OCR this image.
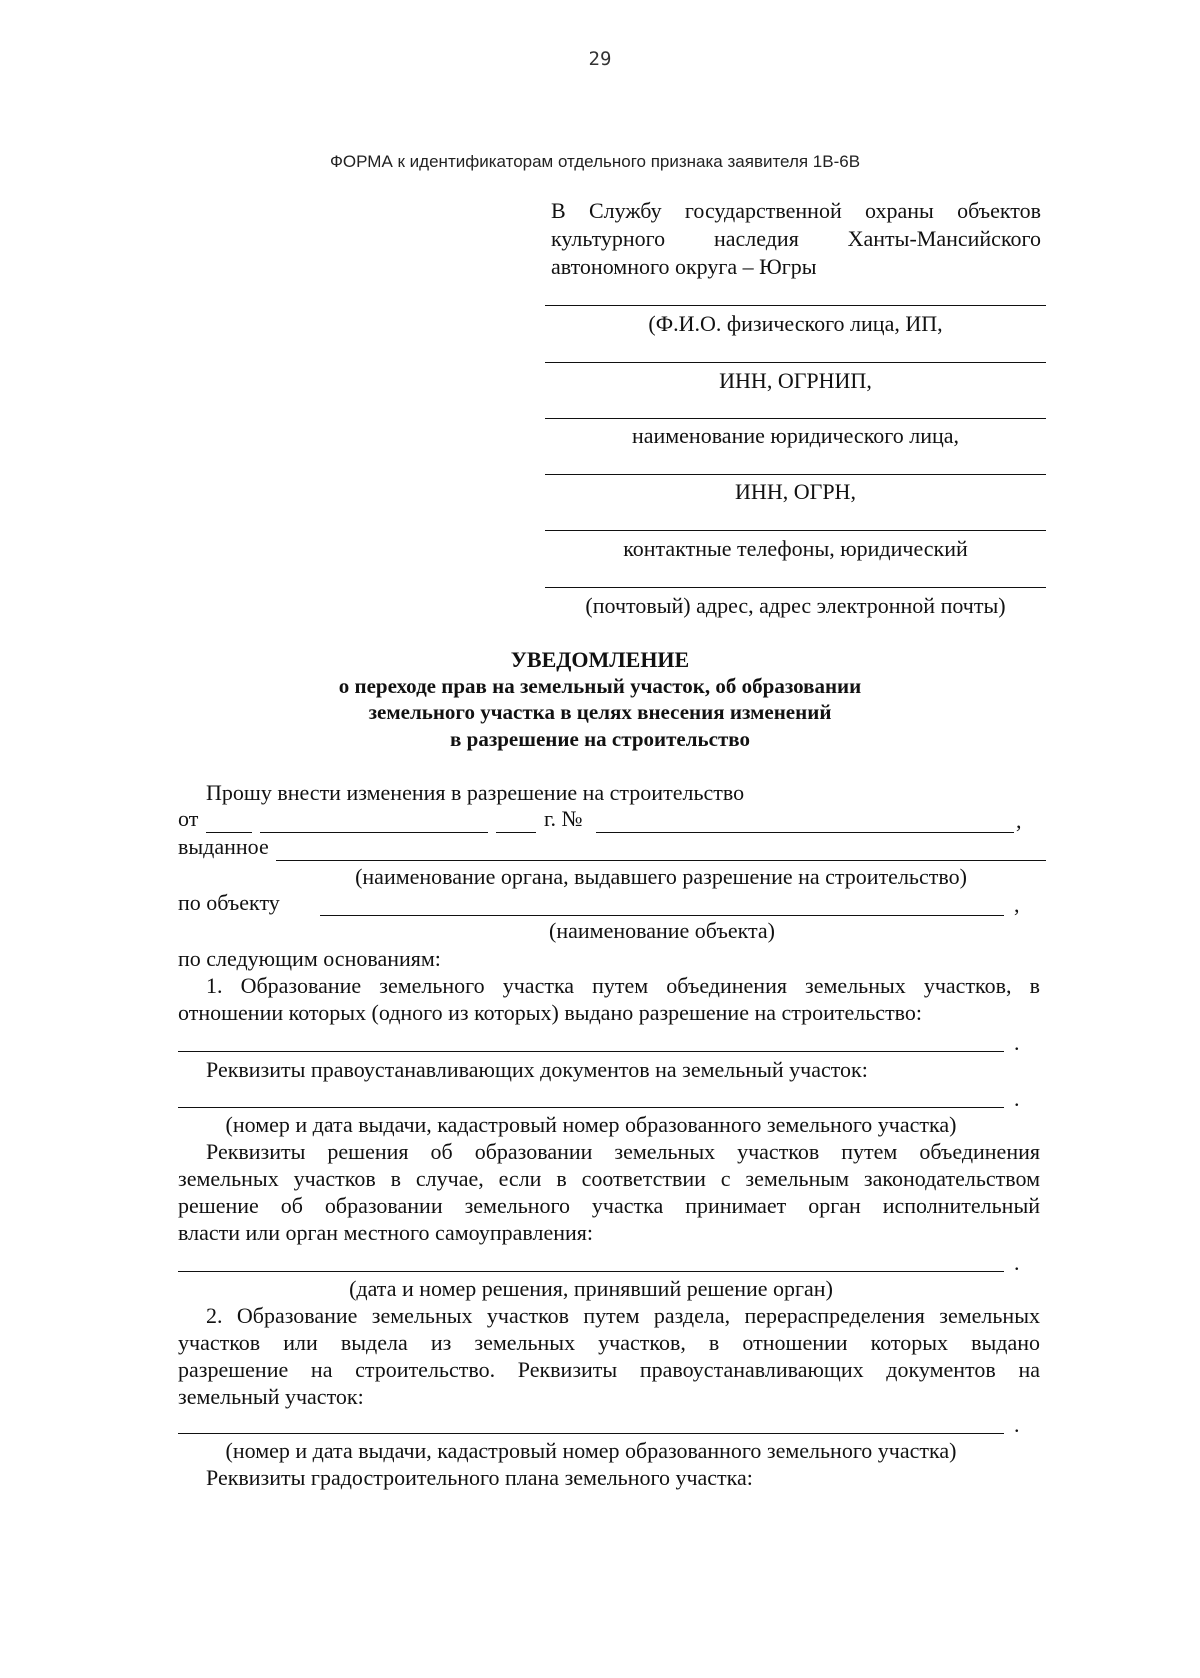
29
ФОРМА к идентификаторам отдельного признака заявителя 1В-6В
В Службу государственной охраны объектов
культурного наследия Ханты-Мансийского
автономного округа – Югры
(Ф.И.О. физического лица, ИП,
ИНН, ОГРНИП,
наименование юридического лица,
ИНН, ОГРН,
контактные телефоны, юридический
(почтовый) адрес, адрес электронной почты)
УВЕДОМЛЕНИЕ
о переходе прав на земельный участок, об образовании
земельного участка в целях внесения изменений
в разрешение на строительство
Прошу внести изменения в разрешение на строительство
от	г. №	,
выданное
(наименование органа, выдавшего разрешение на строительство)
по объекту	,
(наименование объекта)
по следующим основаниям:
1. Образование земельного участка путем объединения земельных участков, в
отношении которых (одного из которых) выдано разрешение на строительство:
.
Реквизиты правоустанавливающих документов на земельный участок:
.
(номер и дата выдачи, кадастровый номер образованного земельного участка)
Реквизиты решения об образовании земельных участков путем объединения
земельных участков в случае, если в соответствии с земельным законодательством
решение об образовании земельного участка принимает орган исполнительный
власти или орган местного самоуправления:
.
(дата и номер решения, принявший решение орган)
2. Образование земельных участков путем раздела, перераспределения земельных
участков или выдела из земельных участков, в отношении которых выдано
разрешение на строительство. Реквизиты правоустанавливающих документов на
земельный участок:
.
(номер и дата выдачи, кадастровый номер образованного земельного участка)
Реквизиты градостроительного плана земельного участка:
